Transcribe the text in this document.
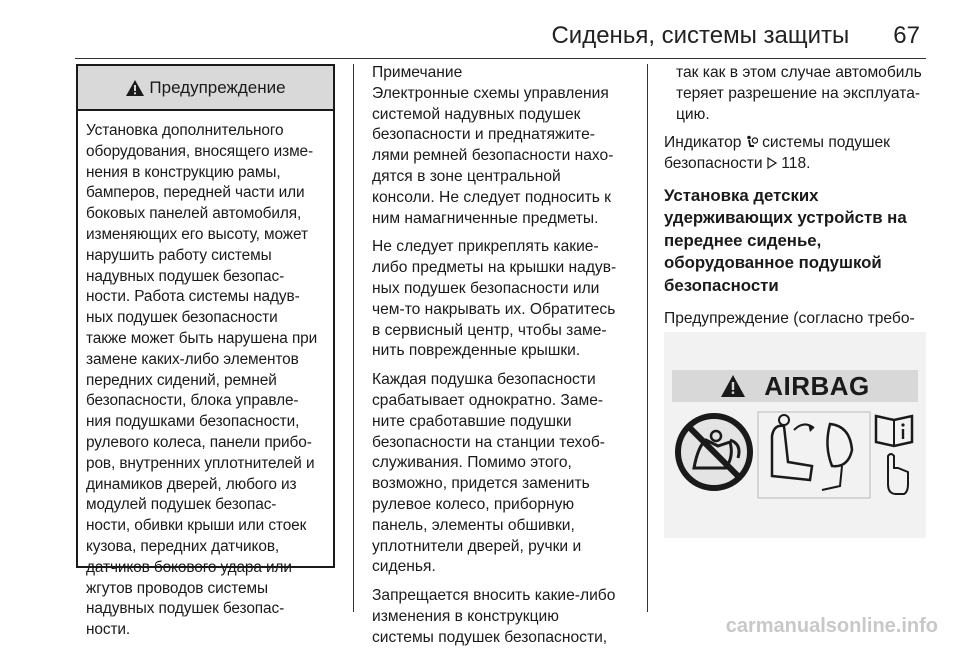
Сиденья, системы защиты 67
Предупреждение
Установка дополнительного
оборудования, вносящего изме-
нения в конструкцию рамы,
бамперов, передней части или
боковых панелей автомобиля,
изменяющих его высоту, может
нарушить работу системы
надувных подушек безопас-
ности. Работа системы надув-
ных подушек безопасности
также может быть нарушена при
замене каких-либо элементов
передних сидений, ремней
безопасности, блока управле-
ния подушками безопасности,
рулевого колеса, панели прибо-
ров, внутренних уплотнителей и
динамиков дверей, любого из
модулей подушек безопас-
ности, обивки крыши или стоек
кузова, передних датчиков,
датчиков бокового удара или
жгутов проводов системы
надувных подушек безопас-
ности.

Примечание

Электронные схемы управления
системой надувных подушек
безопасности и преднатяжите-
лями ремней безопасности нахо-
дятся в зоне центральной
консоли. Не следует подносить к
ним намагниченные предметы.

Не следует прикреплять какие-
либо предметы на крышки надув-
ных подушек безопасности или
чем-то накрывать их. Обратитесь
в сервисный центр, чтобы заме-
нить поврежденные крышки.

Каждая подушка безопасности
срабатывает однократно. Заме-
ните сработавшие подушки
безопасности на станции техоб-
служивания. Помимо этого,
возможно, придется заменить
рулевое колесо, приборную
панель, элементы обшивки,
уплотнители дверей, ручки и
сиденья.

Запрещается вносить какие-либо
изменения в конструкцию
системы подушек безопасности,

так как в этом случае автомобиль
теряет разрешение на эксплуата-
цию.

Индикатор системы подушек
безопасности 118.

Установка детских
удерживающих устройств на
переднее сиденье,
оборудованное подушкой
безопасности

Предупреждение (согласно требо-

AIRBAG
carmanualsonline.info
